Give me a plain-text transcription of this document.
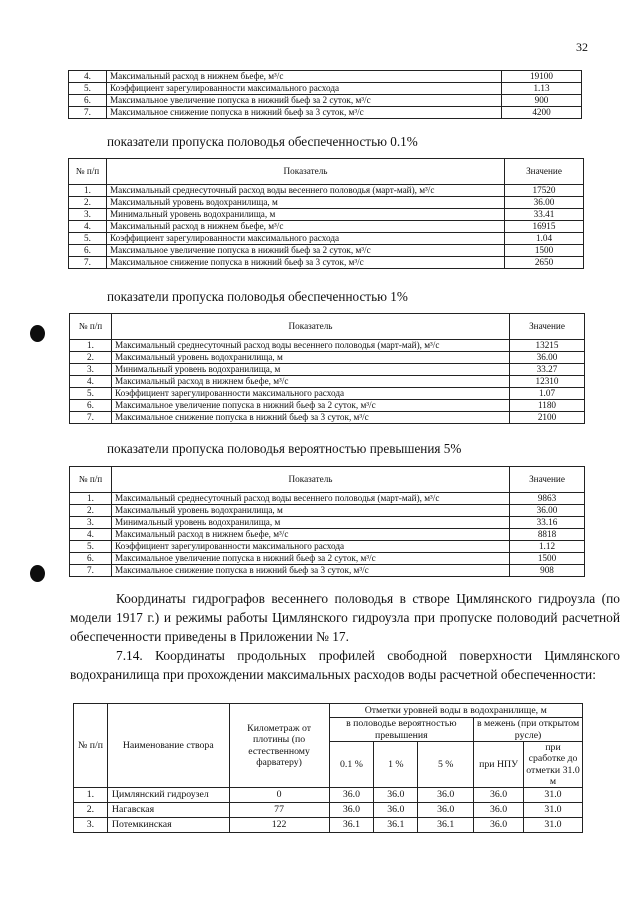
32
4.	Максимальный расход в нижнем бьефе, м³/с	19100
5.	Коэффициент зарегулированности максимального расхода	1.13
6.	Максимальное увеличение попуска в нижний бьеф за 2 суток, м³/с	900
7.	Максимальное снижение попуска в нижний бьеф за 3 суток, м³/с	4200
показатели пропуска половодья обеспеченностью 0.1%
№ п/п	Показатель	Значение
1.	Максимальный среднесуточный расход воды весеннего половодья (март-май), м³/с	17520
2.	Максимальный уровень водохранилища, м	36.00
3.	Минимальный уровень водохранилища, м	33.41
4.	Максимальный расход в нижнем бьефе, м³/с	16915
5.	Коэффициент зарегулированности максимального расхода	1.04
6.	Максимальное увеличение попуска в нижний бьеф за 2 суток, м³/с	1500
7.	Максимальное снижение попуска в нижний бьеф за 3 суток, м³/с	2650
показатели пропуска половодья обеспеченностью 1%
№ п/п	Показатель	Значение
1.	Максимальный среднесуточный расход воды весеннего половодья (март-май), м³/с	13215
2.	Максимальный уровень водохранилища, м	36.00
3.	Минимальный уровень водохранилища, м	33.27
4.	Максимальный расход в нижнем бьефе, м³/с	12310
5.	Коэффициент зарегулированности максимального расхода	1.07
6.	Максимальное увеличение попуска в нижний бьеф за 2 суток, м³/с	1180
7.	Максимальное снижение попуска в нижний бьеф за 3 суток, м³/с	2100
показатели пропуска половодья вероятностью превышения 5%
№ п/п	Показатель	Значение
1.	Максимальный среднесуточный расход воды весеннего половодья (март-май), м³/с	9863
2.	Максимальный уровень водохранилища, м	36.00
3.	Минимальный уровень водохранилища, м	33.16
4.	Максимальный расход в нижнем бьефе, м³/с	8818
5.	Коэффициент зарегулированности максимального расхода	1.12
6.	Максимальное увеличение попуска в нижний бьеф за 2 суток, м³/с	1500
7.	Максимальное снижение попуска в нижний бьеф за 3 суток, м³/с	908
Координаты гидрографов весеннего половодья в створе Цимлянского гидроузла (по модели 1917 г.) и режимы работы Цимлянского гидроузла при пропуске половодий расчетной обеспеченности приведены в Приложении № 17.
7.14. Координаты продольных профилей свободной поверхности Цимлянского водохранилища при прохождении максимальных расходов воды расчетной обеспеченности:
№ п/п	Наименование створа	Километраж от плотины (по естественному фарватеру)	Отметки уровней воды в водохранилище, м				
			в половодье вероятностью превышения			в межень (при открытом русле)	
			0.1 %	1 %	5 %	при НПУ	при сработке до отметки 31.0 м
1.	Цимлянский гидроузел	0	36.0	36.0	36.0	36.0	31.0
2.	Нагавская	77	36.0	36.0	36.0	36.0	31.0
3.	Потемкинская	122	36.1	36.1	36.1	36.0	31.0
